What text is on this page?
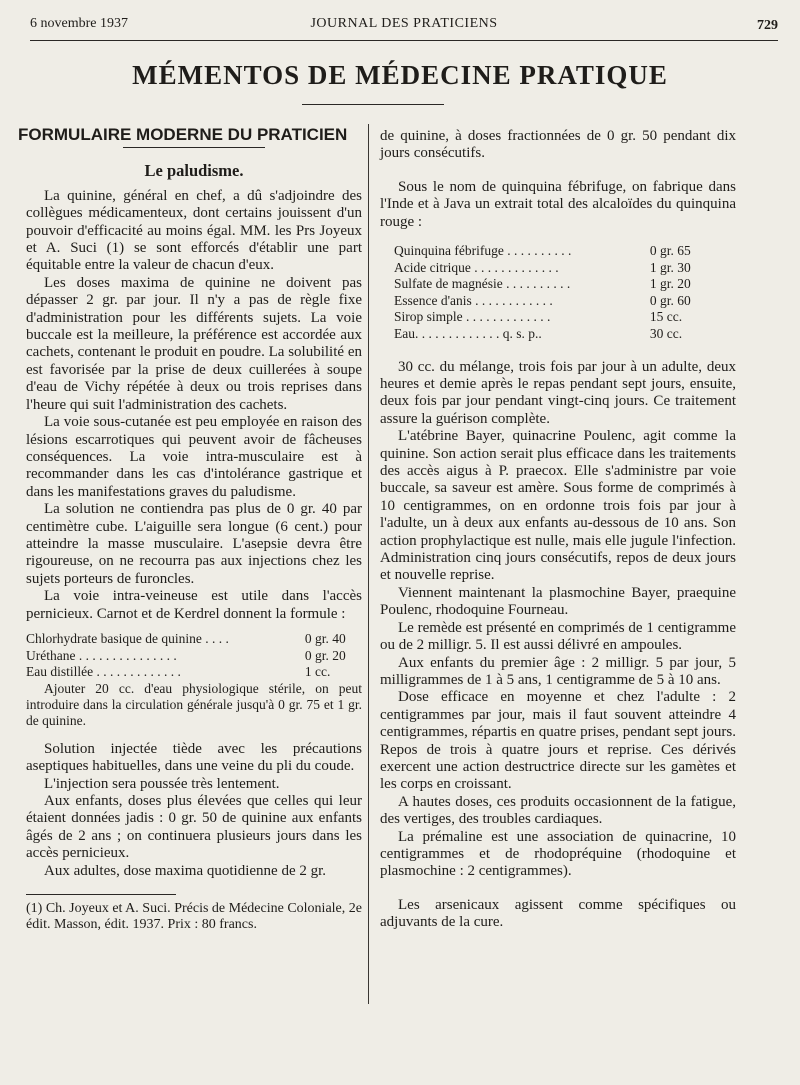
6 novembre 1937	JOURNAL DES PRATICIENS	729
MÉMENTOS DE MÉDECINE PRATIQUE
FORMULAIRE MODERNE DU PRATICIEN
Le paludisme.

La quinine, général en chef, a dû s'adjoindre des collègues médicamenteux, dont certains jouissent d'un pouvoir d'efficacité au moins égal. MM. les Prs Joyeux et A. Suci (1) se sont efforcés d'établir une part équitable entre la valeur de chacun d'eux.

Les doses maxima de quinine ne doivent pas dépasser 2 gr. par jour. Il n'y a pas de règle fixe d'administration pour les différents sujets. La voie buccale est la meilleure, la préférence est accordée aux cachets, contenant le produit en poudre. La solubilité en est favorisée par la prise de deux cuillerées à soupe d'eau de Vichy répétée à deux ou trois reprises dans l'heure qui suit l'administration des cachets.

La voie sous-cutanée est peu employée en raison des lésions escarrotiques qui peuvent avoir de fâcheuses conséquences. La voie intra-musculaire est à recommander dans les cas d'intolérance gastrique et dans les manifestations graves du paludisme.

La solution ne contiendra pas plus de 0 gr. 40 par centimètre cube. L'aiguille sera longue (6 cent.) pour atteindre la masse musculaire. L'asepsie devra être rigoureuse, on ne recourra pas aux injections chez les sujets porteurs de furoncles.

La voie intra-veineuse est utile dans l'accès pernicieux. Carnot et de Kerdrel donnent la formule :

Chlorhydrate basique de quinine . . . .	0 gr. 40
Uréthane . . . . . . . . . . . . . . .	0 gr. 20
Eau distillée . . . . . . . . . . . . .	1 cc.
Ajouter 20 cc. d'eau physiologique stérile, on peut introduire dans la circulation générale jusqu'à 0 gr. 75 et 1 gr. de quinine.

Solution injectée tiède avec les précautions aseptiques habituelles, dans une veine du pli du coude.

L'injection sera poussée très lentement.

Aux enfants, doses plus élevées que celles qui leur étaient données jadis : 0 gr. 50 de quinine aux enfants âgés de 2 ans ; on continuera plusieurs jours dans les accès pernicieux.

Aux adultes, dose maxima quotidienne de 2 gr.

(1) Ch. Joyeux et A. Suci. Précis de Médecine Coloniale, 2e édit. Masson, édit. 1937. Prix : 80 francs.

de quinine, à doses fractionnées de 0 gr. 50 pendant dix jours consécutifs.

Sous le nom de quinquina fébrifuge, on fabrique dans l'Inde et à Java un extrait total des alcaloïdes du quinquina rouge :

Quinquina fébrifuge . . . . . . . . . .	0 gr. 65
Acide citrique . . . . . . . . . . . . .	1 gr. 30
Sulfate de magnésie . . . . . . . . . .	1 gr. 20
Essence d'anis . . . . . . . . . . . .	0 gr. 60
Sirop simple . . . . . . . . . . . . .	15 cc.
Eau. . . . . . . . . . . . . q. s. p..	30 cc.

30 cc. du mélange, trois fois par jour à un adulte, deux heures et demie après le repas pendant sept jours, ensuite, deux fois par jour pendant vingt-cinq jours. Ce traitement assure la guérison complète.

L'atébrine Bayer, quinacrine Poulenc, agit comme la quinine. Son action serait plus efficace dans les traitements des accès aigus à P. praecox. Elle s'administre par voie buccale, sa saveur est amère. Sous forme de comprimés à 10 centigrammes, on en ordonne trois fois par jour à l'adulte, un à deux aux enfants au-dessous de 10 ans. Son action prophylactique est nulle, mais elle jugule l'infection. Administration cinq jours consécutifs, repos de deux jours et nouvelle reprise.

Viennent maintenant la plasmochine Bayer, praequine Poulenc, rhodoquine Fourneau.

Le remède est présenté en comprimés de 1 centigramme ou de 2 milligr. 5. Il est aussi délivré en ampoules.

Aux enfants du premier âge : 2 milligr. 5 par jour, 5 milligrammes de 1 à 5 ans, 1 centigramme de 5 à 10 ans.

Dose efficace en moyenne et chez l'adulte : 2 centigrammes par jour, mais il faut souvent atteindre 4 centigrammes, répartis en quatre prises, pendant sept jours. Repos de trois à quatre jours et reprise. Ces dérivés exercent une action destructrice directe sur les gamètes et les corps en croissant.

A hautes doses, ces produits occasionnent de la fatigue, des vertiges, des troubles cardiaques.

La prémaline est une association de quinacrine, 10 centigrammes et de rhodopréquine (rhodoquine et plasmochine : 2 centigrammes).

Les arsenicaux agissent comme spécifiques ou adjuvants de la cure.
